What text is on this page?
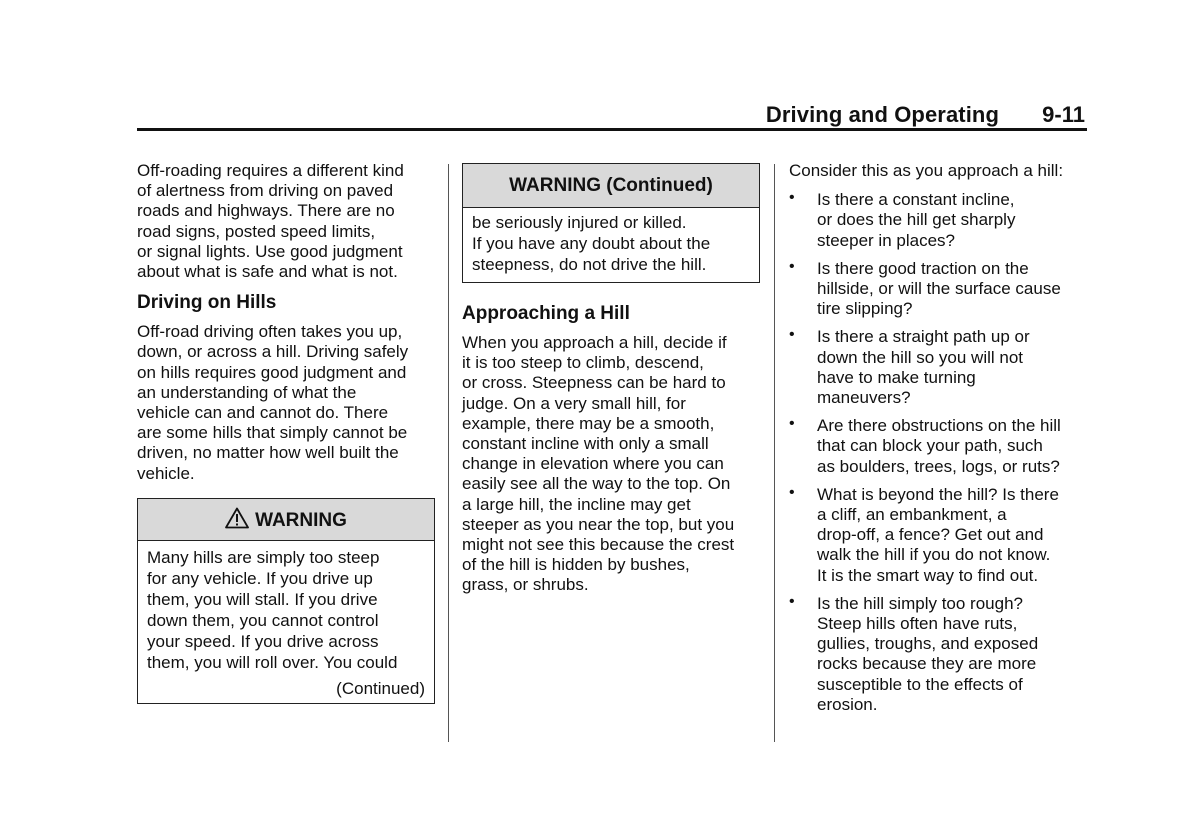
Driving and Operating 9-11
Off-roading requires a different kind
of alertness from driving on paved
roads and highways. There are no
road signs, posted speed limits,
or signal lights. Use good judgment
about what is safe and what is not.
Driving on Hills
Off-road driving often takes you up,
down, or across a hill. Driving safely
on hills requires good judgment and
an understanding of what the
vehicle can and cannot do. There
are some hills that simply cannot be
driven, no matter how well built the
vehicle.
WARNING
Many hills are simply too steep
for any vehicle. If you drive up
them, you will stall. If you drive
down them, you cannot control
your speed. If you drive across
them, you will roll over. You could
(Continued)
WARNING (Continued)
be seriously injured or killed.
If you have any doubt about the
steepness, do not drive the hill.
Approaching a Hill
When you approach a hill, decide if
it is too steep to climb, descend,
or cross. Steepness can be hard to
judge. On a very small hill, for
example, there may be a smooth,
constant incline with only a small
change in elevation where you can
easily see all the way to the top. On
a large hill, the incline may get
steeper as you near the top, but you
might not see this because the crest
of the hill is hidden by bushes,
grass, or shrubs.
Consider this as you approach a hill:
• Is there a constant incline,
or does the hill get sharply
steeper in places?
• Is there good traction on the
hillside, or will the surface cause
tire slipping?
• Is there a straight path up or
down the hill so you will not
have to make turning
maneuvers?
• Are there obstructions on the hill
that can block your path, such
as boulders, trees, logs, or ruts?
• What is beyond the hill? Is there
a cliff, an embankment, a
drop-off, a fence? Get out and
walk the hill if you do not know.
It is the smart way to find out.
• Is the hill simply too rough?
Steep hills often have ruts,
gullies, troughs, and exposed
rocks because they are more
susceptible to the effects of
erosion.
